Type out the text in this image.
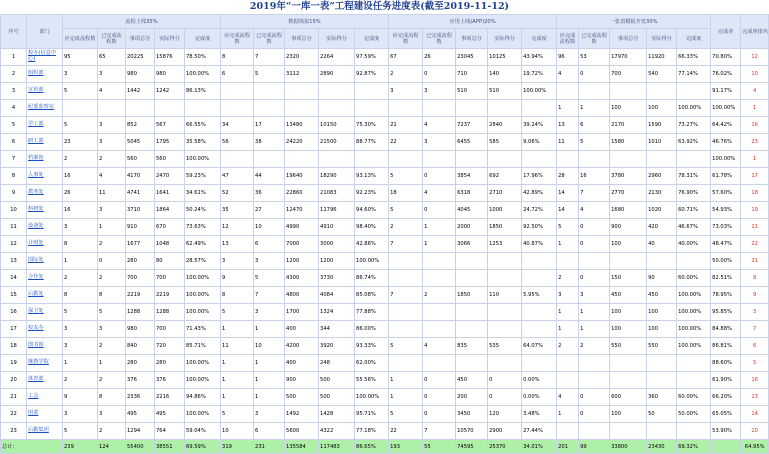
2019年“一库一表”工程建设任务进度表(截至2019-11-12)
序号	部门	流程上线35%					数据填报15%					应用上线(APP)20%					一张表模板开发30%					完成率	完成率排名
		应完成流程数	已完成流程数	事项总分	实际得分	完成度	应完成流程数	已完成流程数	事项总分	实际得分	完成度	应完成流程数	已完成流程数	事项总分	实际得分	完成度	应完成流程数	已完成流程数	事项总分	实际得分	完成度		
1	校办(信息中心)	95	65	20225	15876	78.50%	8	7	2320	2264	97.59%	67	26	23045	10125	43.94%	96	53	17970	11920	66.33%	70.80%	12
2	组织部	3	3	980	980	100.00%	6	5	3112	2890	92.87%	2	0	710	140	19.72%	4	0	700	540	77.14%	76.02%	10
3	宣传部	5	4	1442	1242	86.13%						3	3	510	510	100.00%						91.17%	4
4	纪委监察室																1	1	100	100	100.00%	100.00%	1
5	学工部	5	3	852	567	66.55%	34	17	13480	10150	75.30%	21	4	7237	2840	39.24%	13	6	2170	1590	73.27%	64.42%	16
6	研工部	23	3	5045	1795	35.58%	56	38	24220	21500	88.77%	22	3	6455	585	9.06%	11	5	1580	1010	63.92%	46.76%	23
7	档案馆	2	2	560	560	100.00%																100.00%	1
8	人事处	16	4	4170	2470	59.23%	47	44	19640	18290	93.13%	5	0	3854	692	17.96%	28	16	3780	2960	78.31%	61.78%	17
9	教务处	26	11	4741	1641	34.61%	52	36	22860	21083	92.23%	18	4	6318	2710	42.89%	14	7	2770	2130	76.90%	57.60%	18
10	科研处	16	3	3710	1864	50.24%	35	27	12470	11796	94.60%	5	0	4045	1000	24.72%	14	4	1680	1020	60.71%	54.93%	19
11	设备处	3	1	910	670	73.63%	12	10	4990	4910	98.40%	2	1	2000	1850	92.50%	5	0	900	420	46.67%	73.03%	11
12	计财处	8	2	1677	1048	62.49%	13	6	7000	3000	42.86%	7	1	3066	1253	40.87%	1	0	100	40	40.00%	48.47%	22
13	国际处	1	0	280	80	28.57%	3	3	1200	1200	100.00%											50.00%	21
14	合作处	2	2	700	700	100.00%	9	5	4300	3730	86.74%						2	0	150	90	60.00%	82.51%	8
15	后勤处	8	8	2219	2219	100.00%	8	7	4800	4084	85.08%	7	2	1850	110	5.95%	3	3	450	450	100.00%	78.95%	9
16	保卫处	5	5	1288	1288	100.00%	5	3	1700	1324	77.88%						1	1	100	100	100.00%	95.85%	3
17	校友办	3	3	980	700	71.43%	1	1	400	344	86.00%						1	1	100	100	100.00%	84.88%	7
18	图书馆	3	2	840	720	85.71%	11	10	4200	3920	93.33%	5	4	835	535	64.07%	2	2	550	550	100.00%	86.81%	6
19	继教学院	1	1	280	280	100.00%	1	1	400	248	62.00%											88.60%	5
20	体育部	2	2	376	376	100.00%	1	1	900	500	55.56%	1	0	450	0	0.00%						61.90%	16
21	工会	9	8	2336	2216	94.86%	1	1	500	500	100.00%	1	0	200	0	0.00%	4	0	600	360	60.00%	66.20%	13
22	团委	3	3	495	495	100.00%	5	3	1492	1428	95.71%	5	0	3450	120	3.48%	1	0	100	50	50.00%	65.05%	14
23	后勤集团	5	2	1294	764	59.04%	10	6	5600	4322	77.18%	22	7	10570	2900	27.44%						53.90%	20
总计：		239	124	55400	38551	69.59%	319	231	135584	117483	86.65%	193	55	74595	25370	34.01%	201	99	33800	23430	69.32%		64.95%
